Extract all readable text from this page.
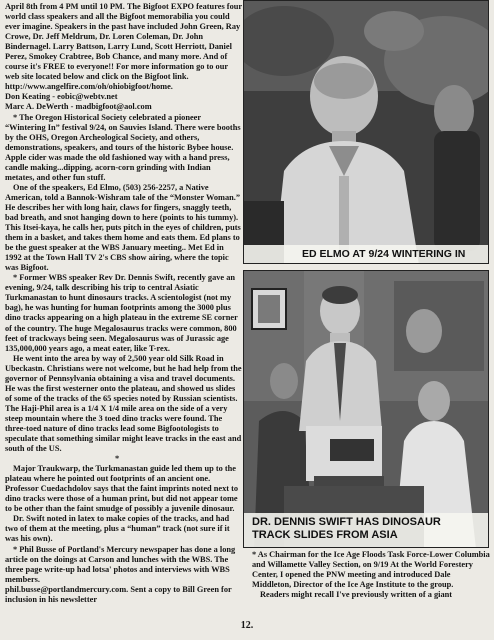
April 8th from 4 PM until 10 PM. The Bigfoot EXPO features four world class speakers and all the Bigfoot memorabilia you could ever imagine. Speakers in the past have included John Green, Ray Crowe, Dr. Jeff Meldrum, Dr. Loren Coleman, Dr. John Bindernagel. Larry Battson, Larry Lund, Scott Herriott, Daniel Perez, Smokey Crabtree, Bob Chance, and many more. And of course it's FREE to everyone!! For more information go to our web site located below and click on the Bigfoot link.

http://www.angelfire.com/oh/ohiobigfoot/home.

Don Keating - eobic@webtv.net

Marc A. DeWerth - madbigfoot@aol.com

* The Oregon Historical Society celebrated a pioneer “Wintering In” festival 9/24, on Sauvies Island. There were booths by the OHS, Oregon Archeological Society, and others, demonstrations, speakers, and tours of the historic Bybee house. Apple cider was made the old fashioned way with a hand press, candle making...dipping, acorn-corn grinding with Indian metates, and other fun stuff.

One of the speakers, Ed Elmo, (503) 256-2257, a Native American, told a Bannok-Wishram tale of the “Monster Woman.” He describes her with long hair, claws for fingers, snaggly teeth, bad breath, and snot hanging down to here (points to his tummy). This Itsei-kaya, he calls her, puts pitch in the eyes of children, puts them in a basket, and takes them home and eats them. Ed plans to be the guest speaker at the WBS January meeting.. Met Ed in 1992 at the Town Hall TV 2's CBS show airing, where the topic was Bigfoot.

* Former WBS speaker Rev Dr. Dennis Swift, recently gave an evening, 9/24, talk describing his trip to central Asiatic Turkmanastan to hunt dinosaurs tracks. A scientologist (not my bag), he was hunting for human footprints among the 3000 plus dino tracks appearing on a high plateau in the extreme SE corner of the country. The huge Megalosaurus tracks were common, 800 feet of trackways being seen. Megalosaurus was of Jurassic age 135,000,000 years ago, a meat eater, like T-rex.

He went into the area by way of 2,500 year old Silk Road in Ubeckastn. Christians were not welcome, but he had help from the governor of Pennsylvania obtaining a visa and travel documents. He was the first westerner onto the plateau, and showed us slides of some of the tracks of the 65 species noted by Russian scientists. The Haji-Phil area is a 1/4 X 1/4 mile area on the side of a very steep mountain where the 3 toed dino tracks were found. The three-toed nature of dino tracks lead some Bigfootologists to speculate that something similar might leave tracks in the east and south of the US.

*

Major Traukwarp, the Turkmanastan guide led them up to the plateau where he pointed out footprints of an ancient one. Professor Cuedachdolov says that the faint imprints noted next to dino tracks were those of a human print, but did not appear tome to be other than the faint smudge of possibly a juvenile dinosaur.

Dr. Swift noted in latex to make copies of the tracks, and had two of them at the meeting, plus a “human” track (not sure if it was his own).

* Phil Busse of Portland's Mercury newspaper has done a long article on the doings at Carson and lunches with the WBS. The three page write-up had lotsa' photos and interviews with WBS members.

phil.busse@portlandmercury.com. Sent a copy to Bill Green for inclusion in his newsletter

ED ELMO AT 9/24 WINTERING IN
DR. DENNIS SWIFT HAS DINOSAUR TRACK SLIDES FROM ASIA

* As Chairman for the Ice Age Floods Task Force-Lower Columbia and Willamette Valley Section, on 9/19 At the World Forestery Center, I opened the PNW meeting and introduced Dale Middleton, Director of the Ice Age Institute to the group.

Readers might recall I've previously written of a giant

12.
